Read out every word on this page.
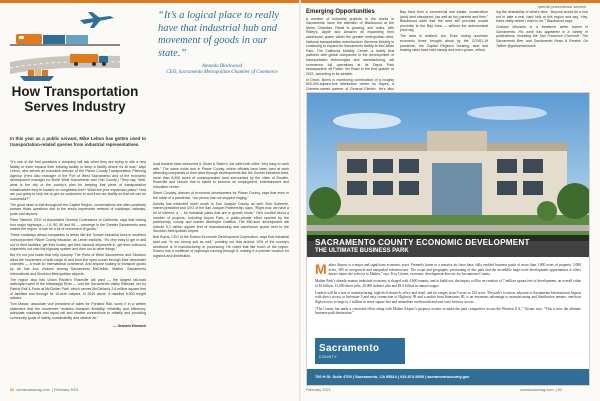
special promotional section
How Transportation Serves Industry
“It’s a logical place to really have that industrial hub and movement of goods in our state.”
Amanda Blackwood
CEO, Sacramento Metropolitan Chamber of Commerce
In this year as a public servant, Mike Lebon has gotten used to transportation-related queries from industrial representatives.

“It’s one of the first questions a company will ask when they are trying to site a new facility or even expand their existing facility or keep a facility where it’s at now,” says Lebon, who serves as executive director of the Placer County Transportation Planning Agency. (He’s also manager of the Port of West Sacramento and of the economic development manager for North West Sacramento and Yolo County.) “They say, ‘Well, what is the city or the county’s plan for keeping that piece of transportation infrastructure they’re located on congestion-free? What are your expansion plans? How are you going to help me to get our customers to and from our facility so that we can be successful?’”

The good news is that throughout the Capital Region, conversations are often positively answer those questions due to the area’s impressive network of roadways, railways, ports and airports.

Peter Tateishi, CEO of Associated General Contractors of California, says that having four major highways — I-5, 80, 50 and 99 — converge in the Greater Sacramento area makes the region “a hub for a lot of movement of goods.”

These roadways attract companies to areas like the Sunset Industrial Area in southern unincorporated Placer County because, as Lebon explains, “It’s very easy to get in and out of their facilities, get their trucks, get their inbound shipments in, get their outbound shipments out onto the highway system and then out to other things.”

But it’s not just roads that help industry. The Ports of West Sacramento and Stockton allow the movement of bulk cargo to and from the open ocean through their deepwater channels — a must for international commerce. And anyone looking to transport goods by air has four choices among Sacramento McClellan, Mather, Sacramento International and Stockton Metropolitan airports.

The region also has Union Pacific’s Roseville rail yard — the largest rail-road switchyard west of the Mississippi River — and the Sacramento Valley Railroad, run by Patriot Rail & Ports at McClellan Park, which serves McClellan’s 2.6 million square feet of facilities and through its 10-acre railyard. In 2019 alone, it handled 6,500 freight railcars.

Tom Masse, associate vice president of sales for Portland Rail, sums it in a written statement that the movement “enables transport flexibility, reliability and efficiency, adequate roadways and equal rail and relative connections to reliably and providing community goals of safety, sustainability and cleaner air.”

— Graham Womack

local leaders have welcomed it; Sister & Sister’s Joe calls both cities “very easy to work with.” The same holds true in Placer County, where officials have been hard at work attracting companies to their area through developments like the Sunset Industrial Area, more than 8,000 acres of unincorporated land surrounded by the cities of Rocklin, Roseville and Lincoln that is slated to become an employment, entertainment and education center.

Sherri Conway, director of economic development for Placer County, says that even in the midst of a pandemic, “our phone has not stopped ringing.”

Activity has extended much south to San Joaquin County as well. Bob Gutierrez, interim president and CEO of the San Joaquin Partnership, says, “Right now, we have a lot of interest, a ... for industrial parks that are in growth mode.” He’s excited about a number of projects, including Anyon Park, a public-private effort spurred by the partnership, county and master developer Catellus. The 550-acre development will include 5.2 million square feet of manufacturing and warehouse space next to the Stockton Metropolitan Airport.

Bob Burns, CEO of the Solano Economic Development Corporation, says that industrial land use “is our strong suit as well,” pointing out that around 10% of the county’s workforce is in manufacturing or processing. He notes that like much of the region, Solano has a multitude of highways running through it, making it a premier location for logistics and distribution.

82 comstocksmag.com  | February 2021
Emerging Opportunities

A number of industrial projects in the works in Sacramento have the attention of Blackwood at the Metro Chamber. Retail is growing, she notes, with Raley’s, Apple and Amazon all expanding their warehouse space within the greater metropolitan area. National transportation manufacturer Siemens Mobility is continuing to expand its Sacramento facility at McClellan Park. The California Mobility Center, a facility that partners with global companies in the development of transportation technologies and manufacturing, will commence full operations at its Depot Park headquarters off Power Inn Road in the first quarter of 2021, according to its website.

In Dixon, Burns is monitoring construction of a roughly 500,000-square-foot distribution center for Hayes, a Chinese-owned partner of General Electric. He’s also

Bay Area from a commercial real estate, construction (and) land standpoint, (as well as for) parents and fires.” Blackwood adds that the area still provides crucial proximity to the Bay Area — without the astronomical price tag.

The area is resilient, too. Even during uncertain economic times brought about by the COVID-19 pandemic, the Capital Region’s housing, land and leasing rates have held steady and even grown, reflect-

ing the desirability of what’s here. “Anyone would be a fool not to take a real, hard look at this region and say, ‘Hey, that’s really where I want to be,’” Blackwood says.

Graham Womack is a freelance writer based in Sacramento. His work has appeared in a variety of publications, including the San Francisco Chronicle, The Sacramento Bee, and Sacramento News & Review. On Twitter @grahamwomack.

SACRAMENTO COUNTY ECONOMIC DEVELOPMENT
THE ULTIMATE BUSINESS PARK

Mather Airport is a major and significant economic asset. Formerly home to a massive air force base, fully entitled business parks of more than 1,000 acres of property, 3,000 acres, 380 of overgrowth and unequaled infrastructure. The scope and geographic positioning of this park and the incredible large-scale development opportunities it offers attract future site selector to Mather,” says Troy Givans, economic development director for Sacramento County.

Mather Park’s already-mature industrial economy is shaped with 4,600 tenants, and at build-out, the impact will be on creation of 7 million square feet of development, an overall value of $1 billion, 12,000 direct jobs, 20,000 indirect jobs and $4.5 billion in annual wages.

Leaders will be a mix of manufacturing, high-tech research, office and retail, and for ranges from 5 acres to 150 acres. The park’s location, adjacent to Sacramento International Airport with direct access to Interstate 5 and easy connection to Highway 99 and a nation from Interstates 80, is an enormous advantage to manufacturing and distribution tenants: one-hour flight access to large to 1 million or more square feet and immediate north-south and east-west freeway access.

“The County has made a concerted effort along with Mather Airport’s property owners to make the park competitive across the Western U.S.,” Givans says. “This is now the ultimate business-park destination.”

Sacramento
COUNTY
700 H St. Suite 4700 | Sacramento, CA 95814 | 916.874.5555 | sacramentocounty.gov
February 2021	comstocksmag.com  | 83
